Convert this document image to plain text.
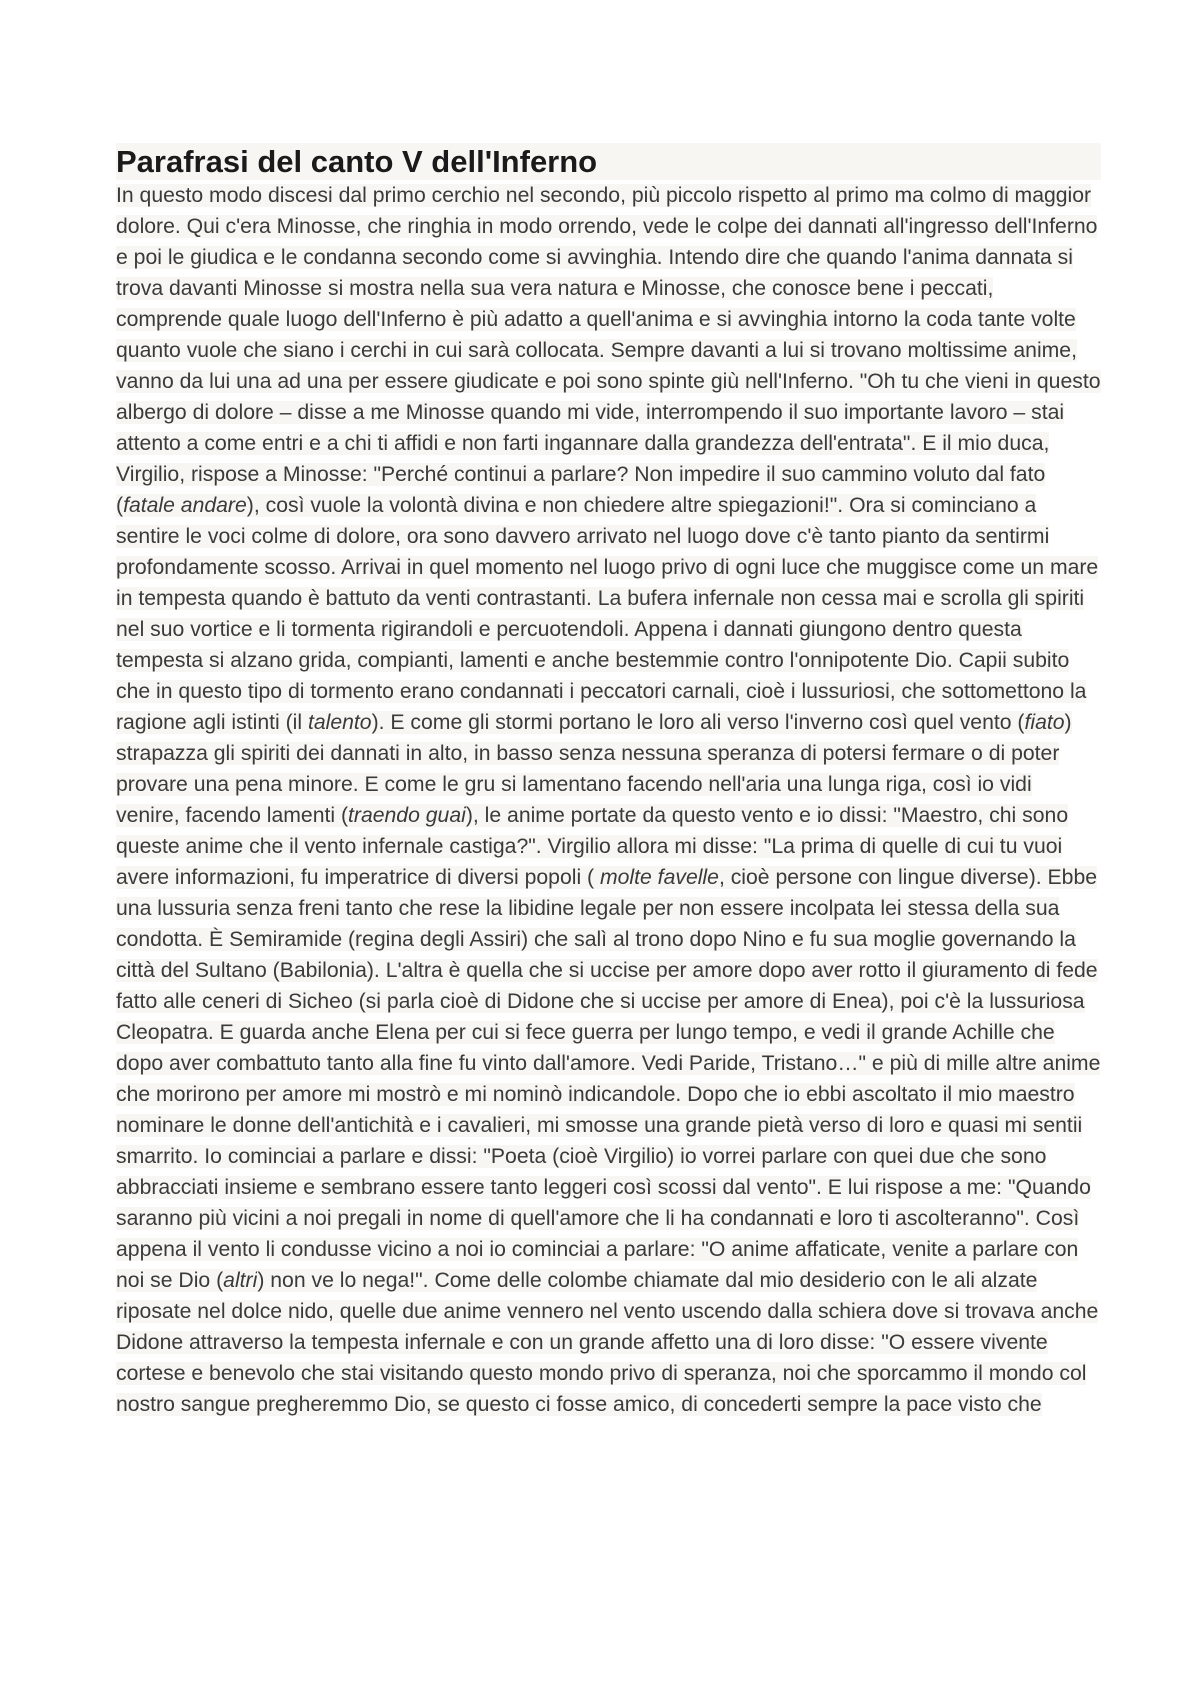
Parafrasi del canto V dell'Inferno

In questo modo discesi dal primo cerchio nel secondo, più piccolo rispetto al primo ma colmo di maggior dolore. Qui c'era Minosse, che ringhia in modo orrendo, vede le colpe dei dannati all'ingresso dell'Inferno e poi le giudica e le condanna secondo come si avvinghia. Intendo dire che quando l'anima dannata si trova davanti Minosse si mostra nella sua vera natura e Minosse, che conosce bene i peccati, comprende quale luogo dell'Inferno è più adatto a quell'anima e si avvinghia intorno la coda tante volte quanto vuole che siano i cerchi in cui sarà collocata. Sempre davanti a lui si trovano moltissime anime, vanno da lui una ad una per essere giudicate e poi sono spinte giù nell'Inferno. "Oh tu che vieni in questo albergo di dolore – disse a me Minosse quando mi vide, interrompendo il suo importante lavoro – stai attento a come entri e a chi ti affidi e non farti ingannare dalla grandezza dell'entrata". E il mio duca, Virgilio, rispose a Minosse: "Perché continui a parlare? Non impedire il suo cammino voluto dal fato (fatale andare), così vuole la volontà divina e non chiedere altre spiegazioni!". Ora si cominciano a sentire le voci colme di dolore, ora sono davvero arrivato nel luogo dove c'è tanto pianto da sentirmi profondamente scosso. Arrivai in quel momento nel luogo privo di ogni luce che muggisce come un mare in tempesta quando è battuto da venti contrastanti. La bufera infernale non cessa mai e scrolla gli spiriti nel suo vortice e li tormenta rigirandoli e percuotendoli. Appena i dannati giungono dentro questa tempesta si alzano grida, compianti, lamenti e anche bestemmie contro l'onnipotente Dio. Capii subito che in questo tipo di tormento erano condannati i peccatori carnali, cioè i lussuriosi, che sottomettono la ragione agli istinti (il talento). E come gli stormi portano le loro ali verso l'inverno così quel vento (fiato) strapazza gli spiriti dei dannati in alto, in basso senza nessuna speranza di potersi fermare o di poter provare una pena minore. E come le gru si lamentano facendo nell'aria una lunga riga, così io vidi venire, facendo lamenti (traendo guai), le anime portate da questo vento e io dissi: "Maestro, chi sono queste anime che il vento infernale castiga?". Virgilio allora mi disse: "La prima di quelle di cui tu vuoi avere informazioni, fu imperatrice di diversi popoli ( molte favelle, cioè persone con lingue diverse). Ebbe una lussuria senza freni tanto che rese la libidine legale per non essere incolpata lei stessa della sua condotta. È Semiramide (regina degli Assiri) che salì al trono dopo Nino e fu sua moglie governando la città del Sultano (Babilonia). L'altra è quella che si uccise per amore dopo aver rotto il giuramento di fede fatto alle ceneri di Sicheo (si parla cioè di Didone che si uccise per amore di Enea), poi c'è la lussuriosa Cleopatra. E guarda anche Elena per cui si fece guerra per lungo tempo, e vedi il grande Achille che dopo aver combattuto tanto alla fine fu vinto dall'amore. Vedi Paride, Tristano…" e più di mille altre anime che morirono per amore mi mostrò e mi nominò indicandole. Dopo che io ebbi ascoltato il mio maestro nominare le donne dell'antichità e i cavalieri, mi smosse una grande pietà verso di loro e quasi mi sentii smarrito. Io cominciai a parlare e dissi: "Poeta (cioè Virgilio) io vorrei parlare con quei due che sono abbracciati insieme e sembrano essere tanto leggeri così scossi dal vento". E lui rispose a me: "Quando saranno più vicini a noi pregali in nome di quell'amore che li ha condannati e loro ti ascolteranno". Così appena il vento li condusse vicino a noi io cominciai a parlare: "O anime affaticate, venite a parlare con noi se Dio (altri) non ve lo nega!". Come delle colombe chiamate dal mio desiderio con le ali alzate riposate nel dolce nido, quelle due anime vennero nel vento uscendo dalla schiera dove si trovava anche Didone attraverso la tempesta infernale e con un grande affetto una di loro disse: "O essere vivente cortese e benevolo che stai visitando questo mondo privo di speranza, noi che sporcammo il mondo col nostro sangue pregheremmo Dio, se questo ci fosse amico, di concederti sempre la pace visto che
